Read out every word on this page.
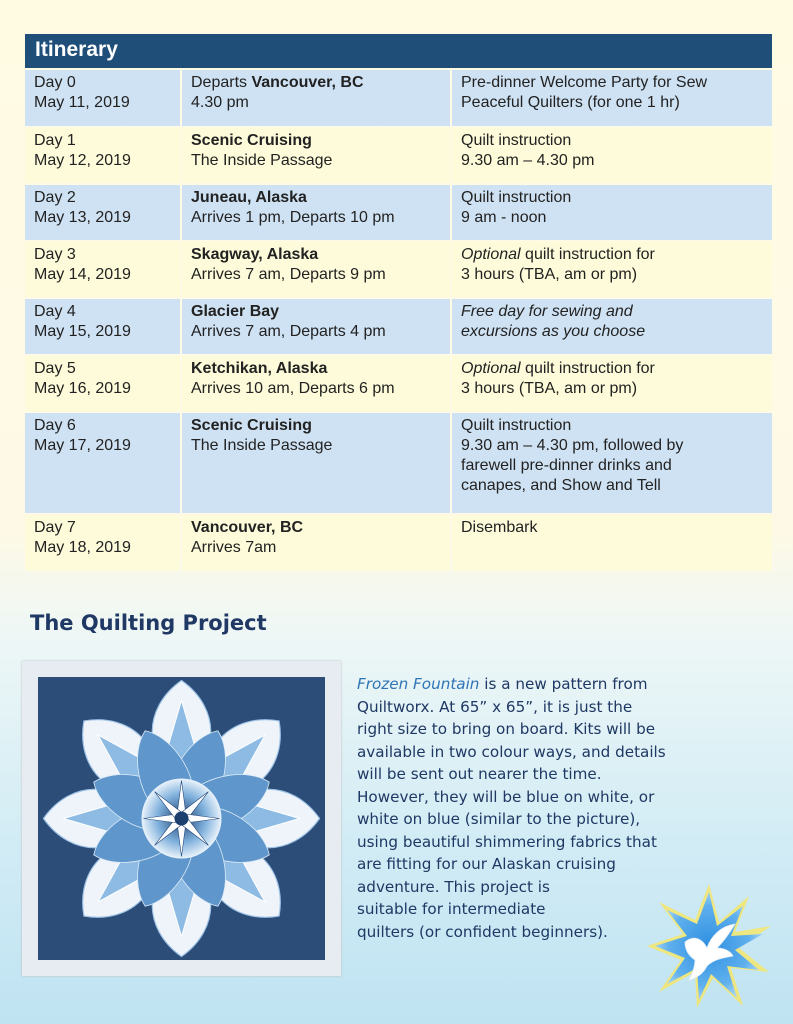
Itinerary
Day 0
May 11, 2019
Departs Vancouver, BC
4.30 pm
Pre-dinner Welcome Party for Sew
Peaceful Quilters (for one 1 hr)
Day 1
May 12, 2019
Scenic Cruising
The Inside Passage
Quilt instruction
9.30 am – 4.30 pm
Day 2
May 13, 2019
Juneau, Alaska
Arrives 1 pm, Departs 10 pm
Quilt instruction
9 am - noon
Day 3
May 14, 2019
Skagway, Alaska
Arrives 7 am, Departs 9 pm
Optional quilt instruction for
3 hours (TBA, am or pm)
Day 4
May 15, 2019
Glacier Bay
Arrives 7 am, Departs 4 pm
Free day for sewing and
excursions as you choose
Day 5
May 16, 2019
Ketchikan, Alaska
Arrives 10 am, Departs 6 pm
Optional quilt instruction for
3 hours (TBA, am or pm)
Day 6
May 17, 2019
Scenic Cruising
The Inside Passage
Quilt instruction
9.30 am – 4.30 pm, followed by
farewell pre-dinner drinks and
canapes, and Show and Tell
Day 7
May 18, 2019
Vancouver, BC
Arrives 7am
Disembark
The Quilting Project
Frozen Fountain is a new pattern from
Quiltworx. At 65” x 65”, it is just the
right size to bring on board. Kits will be
available in two colour ways, and details
will be sent out nearer the time.
However, they will be blue on white, or
white on blue (similar to the picture),
using beautiful shimmering fabrics that
are fitting for our Alaskan cruising
adventure. This project is
suitable for intermediate
quilters (or confident beginners).
